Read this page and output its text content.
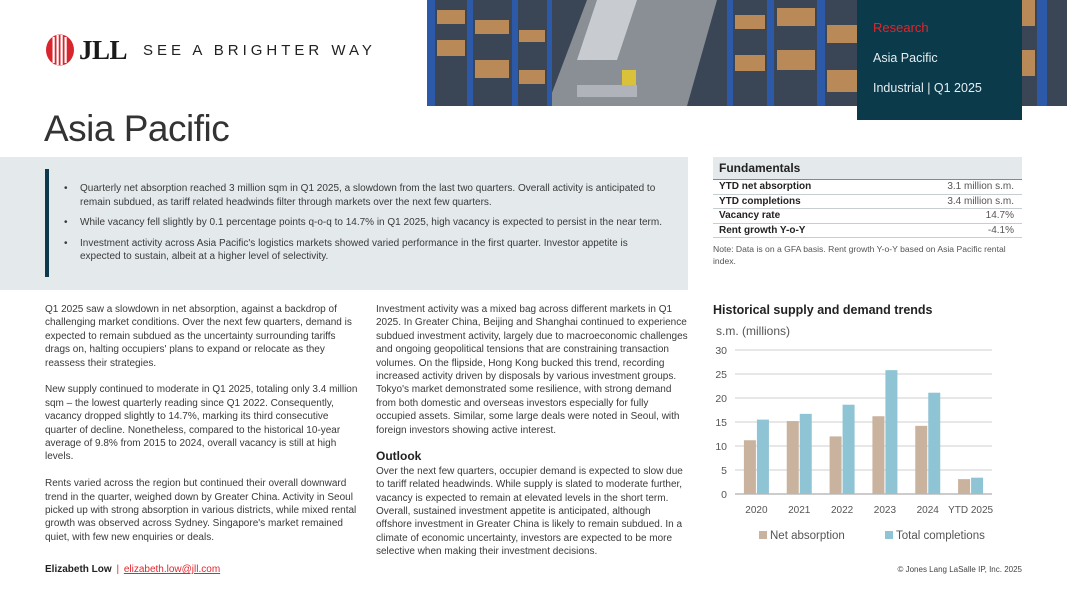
JLL SEE A BRIGHTER WAY
Research
Asia Pacific
Industrial | Q1 2025
Asia Pacific
• Quarterly net absorption reached 3 million sqm in Q1 2025, a slowdown from the last two quarters. Overall activity is anticipated to remain subdued, as tariff related headwinds filter through markets over the next few quarters.
• While vacancy fell slightly by 0.1 percentage points q-o-q to 14.7% in Q1 2025, high vacancy is expected to persist in the near term.
• Investment activity across Asia Pacific's logistics markets showed varied performance in the first quarter. Investor appetite is expected to sustain, albeit at a higher level of selectivity.
Fundamentals
YTD net absorption	3.1 million s.m.
YTD completions	3.4 million s.m.
Vacancy rate	14.7%
Rent growth Y-o-Y	-4.1%
Note: Data is on a GFA basis. Rent growth Y-o-Y based on Asia Pacific rental index.

Q1 2025 saw a slowdown in net absorption, against a backdrop of challenging market conditions. Over the next few quarters, demand is expected to remain subdued as the uncertainty surrounding tariffs drags on, halting occupiers' plans to expand or relocate as they reassess their strategies.

New supply continued to moderate in Q1 2025, totaling only 3.4 million sqm – the lowest quarterly reading since Q1 2022. Consequently, vacancy dropped slightly to 14.7%, marking its third consecutive quarter of decline. Nonetheless, compared to the historical 10-year average of 9.8% from 2015 to 2024, overall vacancy is still at high levels.

Rents varied across the region but continued their overall downward trend in the quarter, weighed down by Greater China. Activity in Seoul picked up with strong absorption in various districts, while mixed rental growth was observed across Sydney. Singapore's market remained quiet, with few new enquiries or deals.

Investment activity was a mixed bag across different markets in Q1 2025. In Greater China, Beijing and Shanghai continued to experience subdued investment activity, largely due to macroeconomic challenges and ongoing geopolitical tensions that are constraining transaction volumes. On the flipside, Hong Kong bucked this trend, recording increased activity driven by disposals by various investment groups. Tokyo's market demonstrated some resilience, with strong demand from both domestic and overseas investors especially for fully occupied assets. Similar, some large deals were noted in Seoul, with foreign investors showing active interest.

Outlook

Over the next few quarters, occupier demand is expected to slow due to tariff related headwinds. While supply is slated to moderate further, vacancy is expected to remain at elevated levels in the short term. Overall, sustained investment appetite is anticipated, although offshore investment in Greater China is likely to remain subdued. In a climate of economic uncertainty, investors are expected to be more selective when making their investment decisions.

Historical supply and demand trends
s.m. (millions)
0
5
10
15
20
25
30
2020 2021 2022 2023 2024 YTD 2025
Net absorption	Total completions
Elizabeth Low | elizabeth.low@jll.com	© Jones Lang LaSalle IP, Inc. 2025
